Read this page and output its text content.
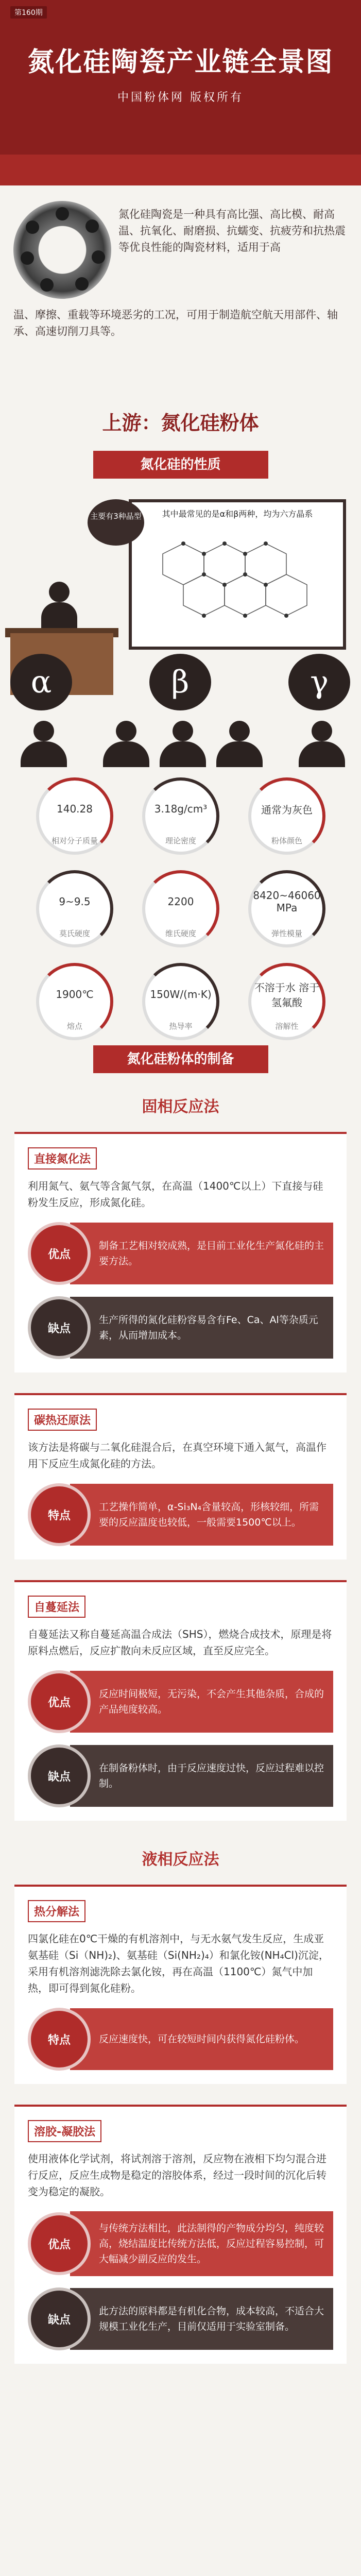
第160期
氮化硅陶瓷产业链全景图
中国粉体网 版权所有
氮化硅陶瓷是一种具有高比强、高比模、耐高温、抗氧化、耐磨损、抗蠕变、抗疲劳和抗热震等优良性能的陶瓷材料，适用于高
温、摩擦、重载等环境恶劣的工况，可用于制造航空航天用部件、轴承、高速切削刀具等。
上游：氮化硅粉体
氮化硅的性质
其中最常见的是α和β两种，均为六方晶系
主要有3种晶型
α	β	γ
140.28
相对分子质量
3.18g/cm³
理论密度
通常为灰色
粉体颜色
9~9.5
莫氏硬度
2200
维氏硬度
8420~46060 MPa
弹性模量
1900℃
熔点
150W/(m·K)
热导率
不溶于水 溶于氢氟酸
溶解性
氮化硅粉体的制备
固相反应法
直接氮化法
利用氮气、氨气等含氮气氛，在高温（1400℃以上）下直接与硅粉发生反应，形成氮化硅。
优点
制备工艺相对较成熟，是目前工业化生产氮化硅的主要方法。
缺点
生产所得的氮化硅粉容易含有Fe、Ca、Al等杂质元素，从而增加成本。
碳热还原法
该方法是将碳与二氧化硅混合后，在真空环境下通入氮气，高温作用下反应生成氮化硅的方法。
特点
工艺操作简单，α-Si₃N₄含量较高，形核较细，所需要的反应温度也较低，一般需要1500℃以上。
自蔓延法
自蔓延法又称自蔓延高温合成法（SHS），燃烧合成技术，原理是将原料点燃后，反应扩散向未反应区域，直至反应完全。
优点
反应时间极短，无污染，不会产生其他杂质，合成的产品纯度较高。
缺点
在制备粉体时，由于反应速度过快，反应过程难以控制。
液相反应法
热分解法
四氯化硅在0℃干燥的有机溶剂中，与无水氨气发生反应，生成亚氨基硅（Si（NH)₂)、氨基硅（Si(NH₂)₄）和氯化铵(NH₄Cl)沉淀，采用有机溶剂滤洗除去氯化铵，再在高温（1100℃）氮气中加热，即可得到氮化硅粉。
特点	反应速度快，可在较短时间内获得氮化硅粉体。
溶胶-凝胶法
使用液体化学试剂，将试剂溶于溶剂，反应物在液相下均匀混合进行反应，反应生成物是稳定的溶胶体系，经过一段时间的沉化后转变为稳定的凝胶。
优点
与传统方法相比，此法制得的产物成分均匀，纯度较高，烧结温度比传统方法低，反应过程容易控制，可大幅减少副反应的发生。
缺点
此方法的原料都是有机化合物，成本较高，不适合大规模工业化生产，目前仅适用于实验室制备。
